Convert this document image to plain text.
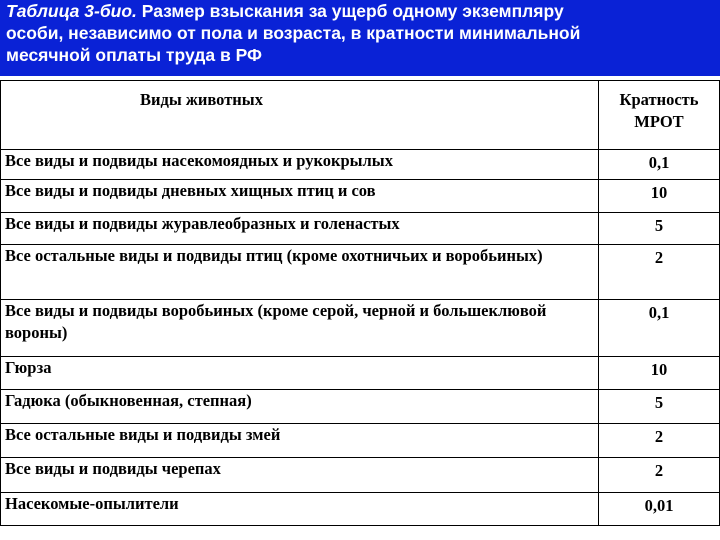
Таблица 3-био. Размер взыскания за ущерб одному экземпляру
особи, независимо от пола и возраста, в кратности минимальной
месячной оплаты труда в РФ
Виды животных	Кратность МРОТ
Все виды и подвиды насекомоядных и рукокрылых	0,1
Все виды и подвиды дневных хищных птиц и сов	10
Все виды и подвиды журавлеобразных и голенастых	5
Все остальные виды и подвиды птиц (кроме охотничьих и воробьиных)	2
Все виды и подвиды воробьиных (кроме серой, черной и большеклювой вороны)	0,1
Гюрза	10
Гадюка (обыкновенная, степная)	5
Все остальные виды и подвиды змей	2
Все виды и подвиды черепах	2
Насекомые-опылители	0,01
